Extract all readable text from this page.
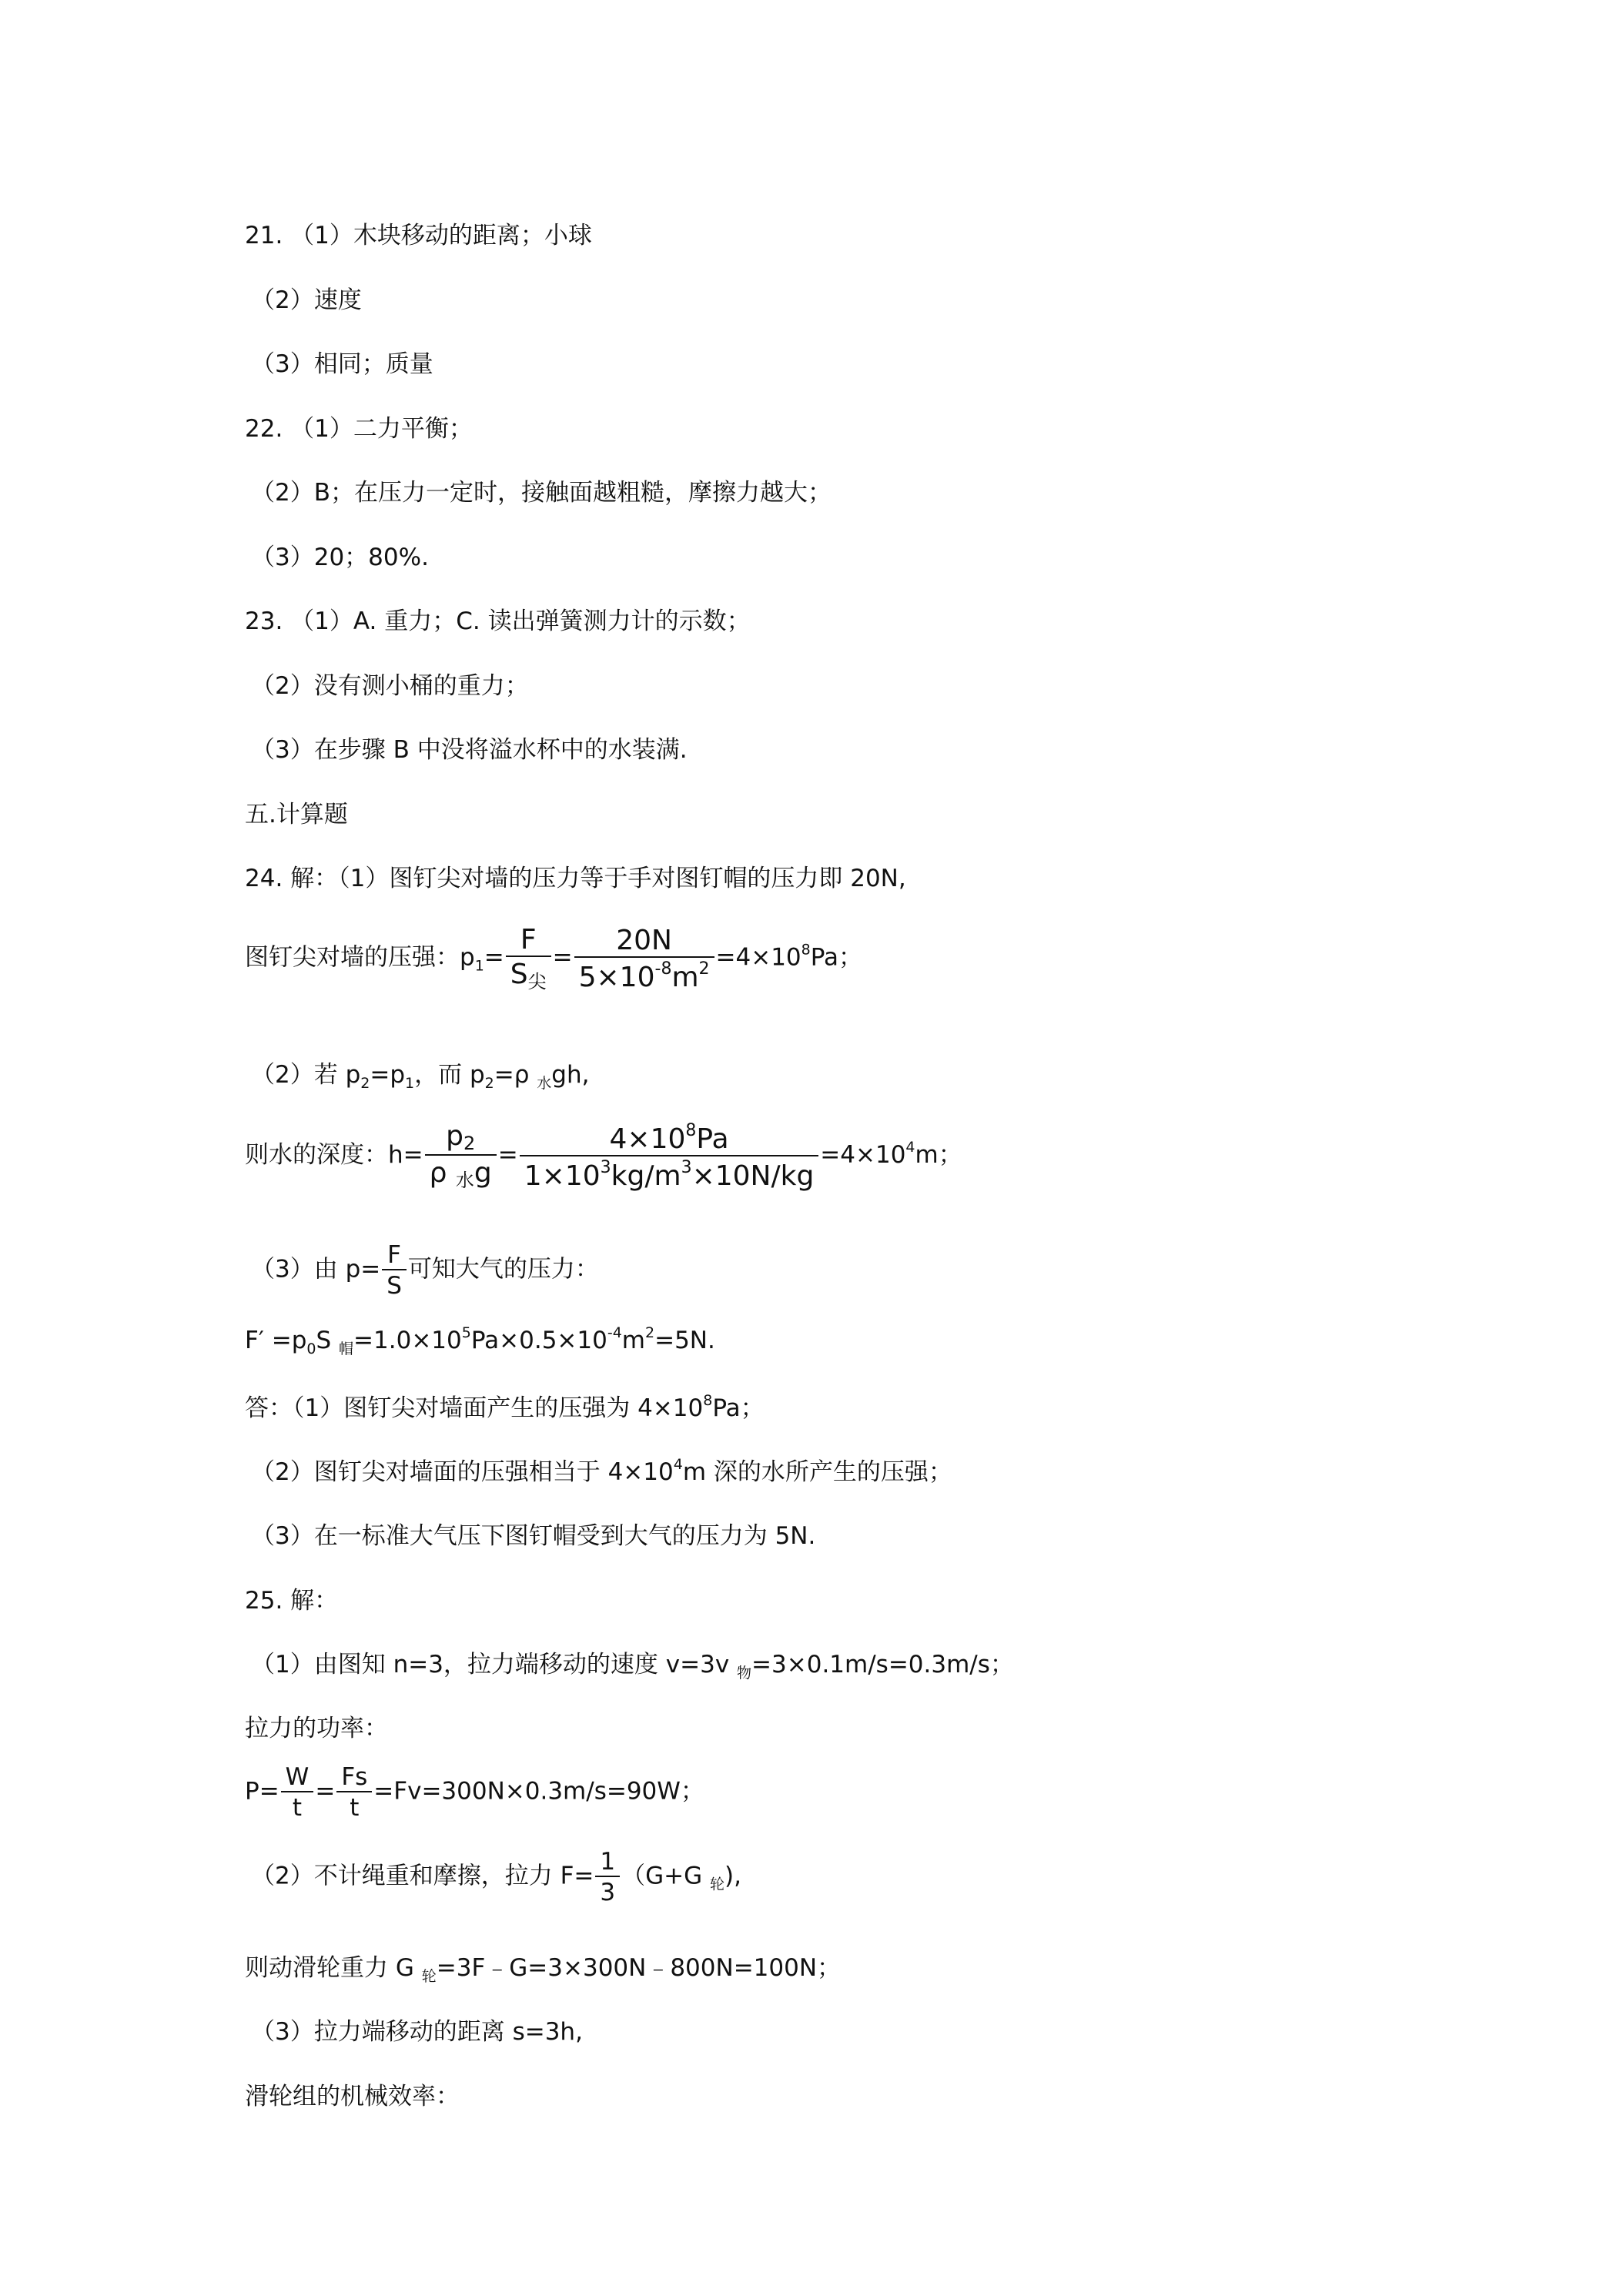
21. （1）木块移动的距离；小球
（2）速度
（3）相同；质量
22. （1）二力平衡；
（2）B；在压力一定时，接触面越粗糙，摩擦力越大；
（3）20；80%.
23. （1）A. 重力；C. 读出弹簧测力计的示数；
（2）没有测小桶的重力；
（3）在步骤 B 中没将溢水杯中的水装满.
五.计算题
24. 解：（1）图钉尖对墙的压力等于手对图钉帽的压力即 20N,
图钉尖对墙的压强：$p_1= \frac{F}{S_尖} = \frac{20N}{5\times 10^{-8}m^2} =4\times 10^8Pa$；
（2）若 $p_2=p_1$，而 $p_2=\rho$ $_水$gh,
则水的深度：$h= \frac{p_2}{\rho _水g} = \frac{4\times 10^8Pa}{1\times 10^3kg/m^3\times 10N/kg} =4\times 10^4m$；
（3）由 $p= \frac{F}{S}$ 可知大气的压力：
$F' =p_0S$ $_帽=1.0\times 10^5Pa\times 0.5\times 10^{-4}m^2=5N$.
答：（1）图钉尖对墙面产生的压强为 $4\times 10^8Pa$；
（2）图钉尖对墙面的压强相当于 $4\times 10^4m$ 深的水所产生的压强；
（3）在一标准大气压下图钉帽受到大气的压力为 5N.
25. 解：
（1）由图知 n=3，拉力端移动的速度 v=3v $_物$=3×0.1m/s=0.3m/s；
拉力的功率：
$P= \frac{W}{t} = \frac{Fs}{t} =Fv=300N\times 0.3m/s=90W$；
（2）不计绳重和摩擦，拉力 $F= \frac{1}{3} (G+G$ $_轮$),
则动滑轮重力 G $_轮$=3F﹣G=3×300N﹣800N=100N；
（3）拉力端移动的距离 s=3h,
滑轮组的机械效率：
